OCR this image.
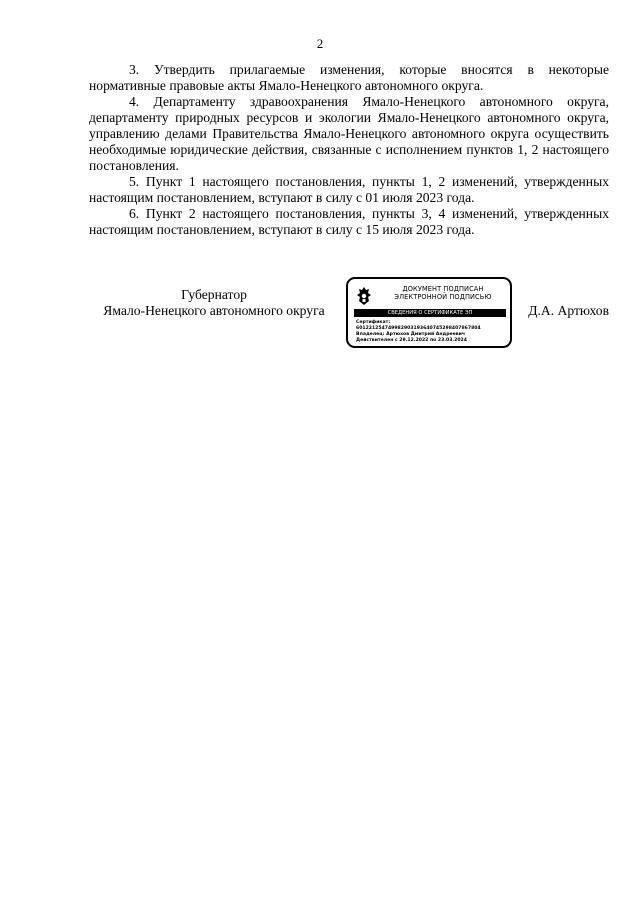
2

3. Утвердить прилагаемые изменения, которые вносятся в некоторые нормативные правовые акты Ямало-Ненецкого автономного округа.

4. Департаменту здравоохранения Ямало-Ненецкого автономного округа, департаменту природных ресурсов и экологии Ямало-Ненецкого автономного округа, управлению делами Правительства Ямало-Ненецкого автономного округа осуществить необходимые юридические действия, связанные с исполнением пунктов 1, 2 настоящего постановления.

5. Пункт 1 настоящего постановления, пункты 1, 2 изменений, утвержденных настоящим постановлением, вступают в силу с 01 июля 2023 года.

6. Пункт 2 настоящего постановления, пункты 3, 4 изменений, утвержденных настоящим постановлением, вступают в силу с 15 июля 2023 года.

Губернатор
Ямало-Ненецкого автономного округа
ДОКУМЕНТ ПОДПИСАН
ЭЛЕКТРОННОЙ ПОДПИСЬЮ
СВЕДЕНИЯ О СЕРТИФИКАТЕ ЭП
Сертификат:
601221254749982903193640745298407867804
Владелец: Артюхов Дмитрий Андреевич
Действителен с 29.12.2022 по 23.03.2024
Д.А. Артюхов
